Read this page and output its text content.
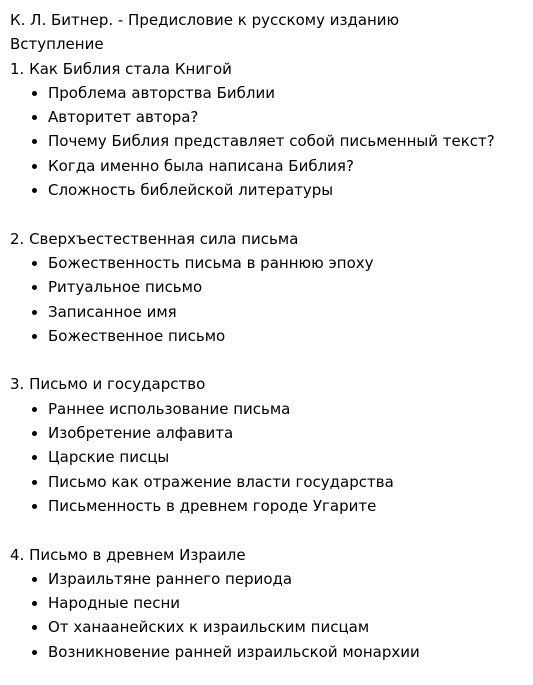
К. Л. Битнер. - Предисловие к русскому изданию
Вступление
1. Как Библия стала Книгой
Проблема авторства Библии
Авторитет автора?
Почему Библия представляет собой письменный текст?
Когда именно была написана Библия?
Сложность библейской литературы
2. Сверхъестественная сила письма
Божественность письма в раннюю эпоху
Ритуальное письмо
Записанное имя
Божественное письмо
3. Письмо и государство
Раннее использование письма
Изобретение алфавита
Царские писцы
Письмо как отражение власти государства
Письменность в древнем городе Угарите
4. Письмо в древнем Израиле
Израильтяне раннего периода
Народные песни
От ханаанейских к израильским писцам
Возникновение ранней израильской монархии
